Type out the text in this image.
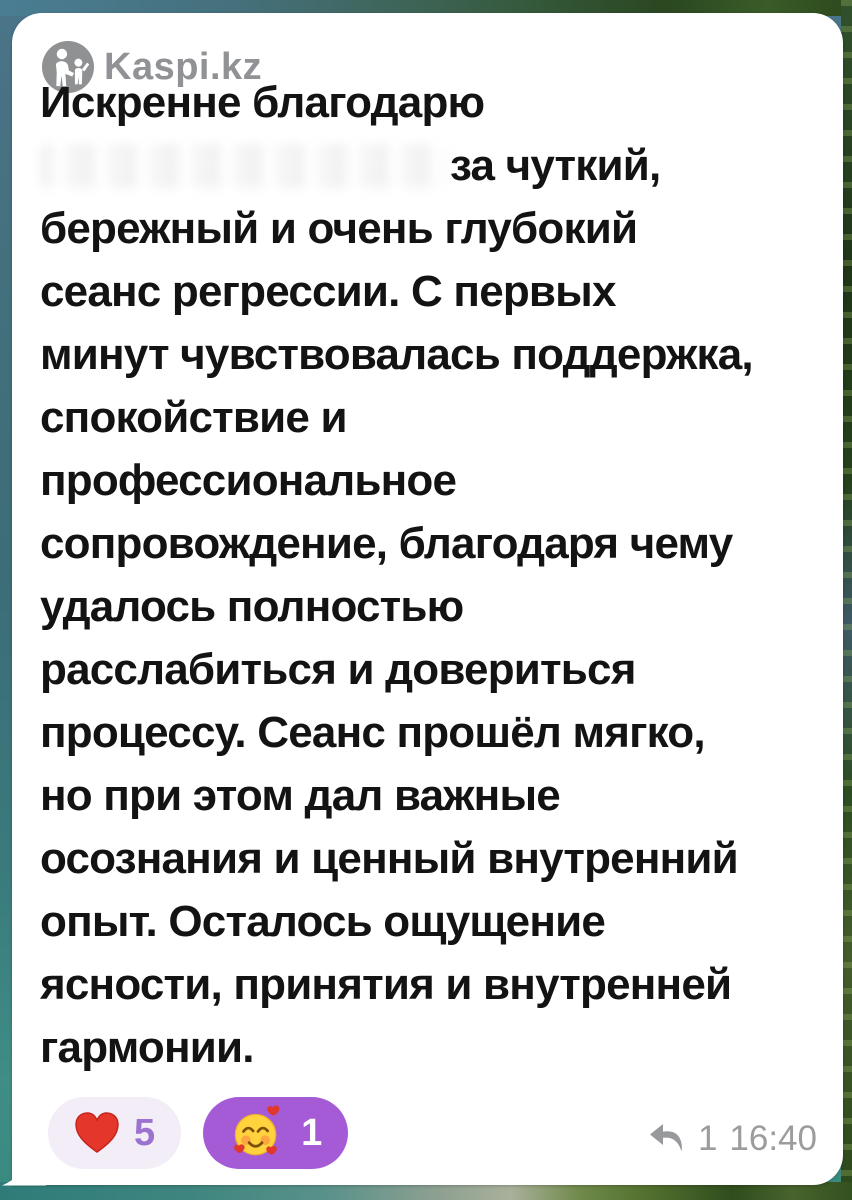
Kaspi.kz
Искренне благодарю
за чуткий,
бережный и очень глубокий
сеанс регрессии. С первых
минут чувствовалась поддержка,
спокойствие и
профессиональное
сопровождение, благодаря чему
удалось полностью
расслабиться и довериться
процессу. Сеанс прошёл мягко,
но при этом дал важные
осознания и ценный внутренний
опыт. Осталось ощущение
ясности, принятия и внутренней
гармонии.
5	1	1 16:40
